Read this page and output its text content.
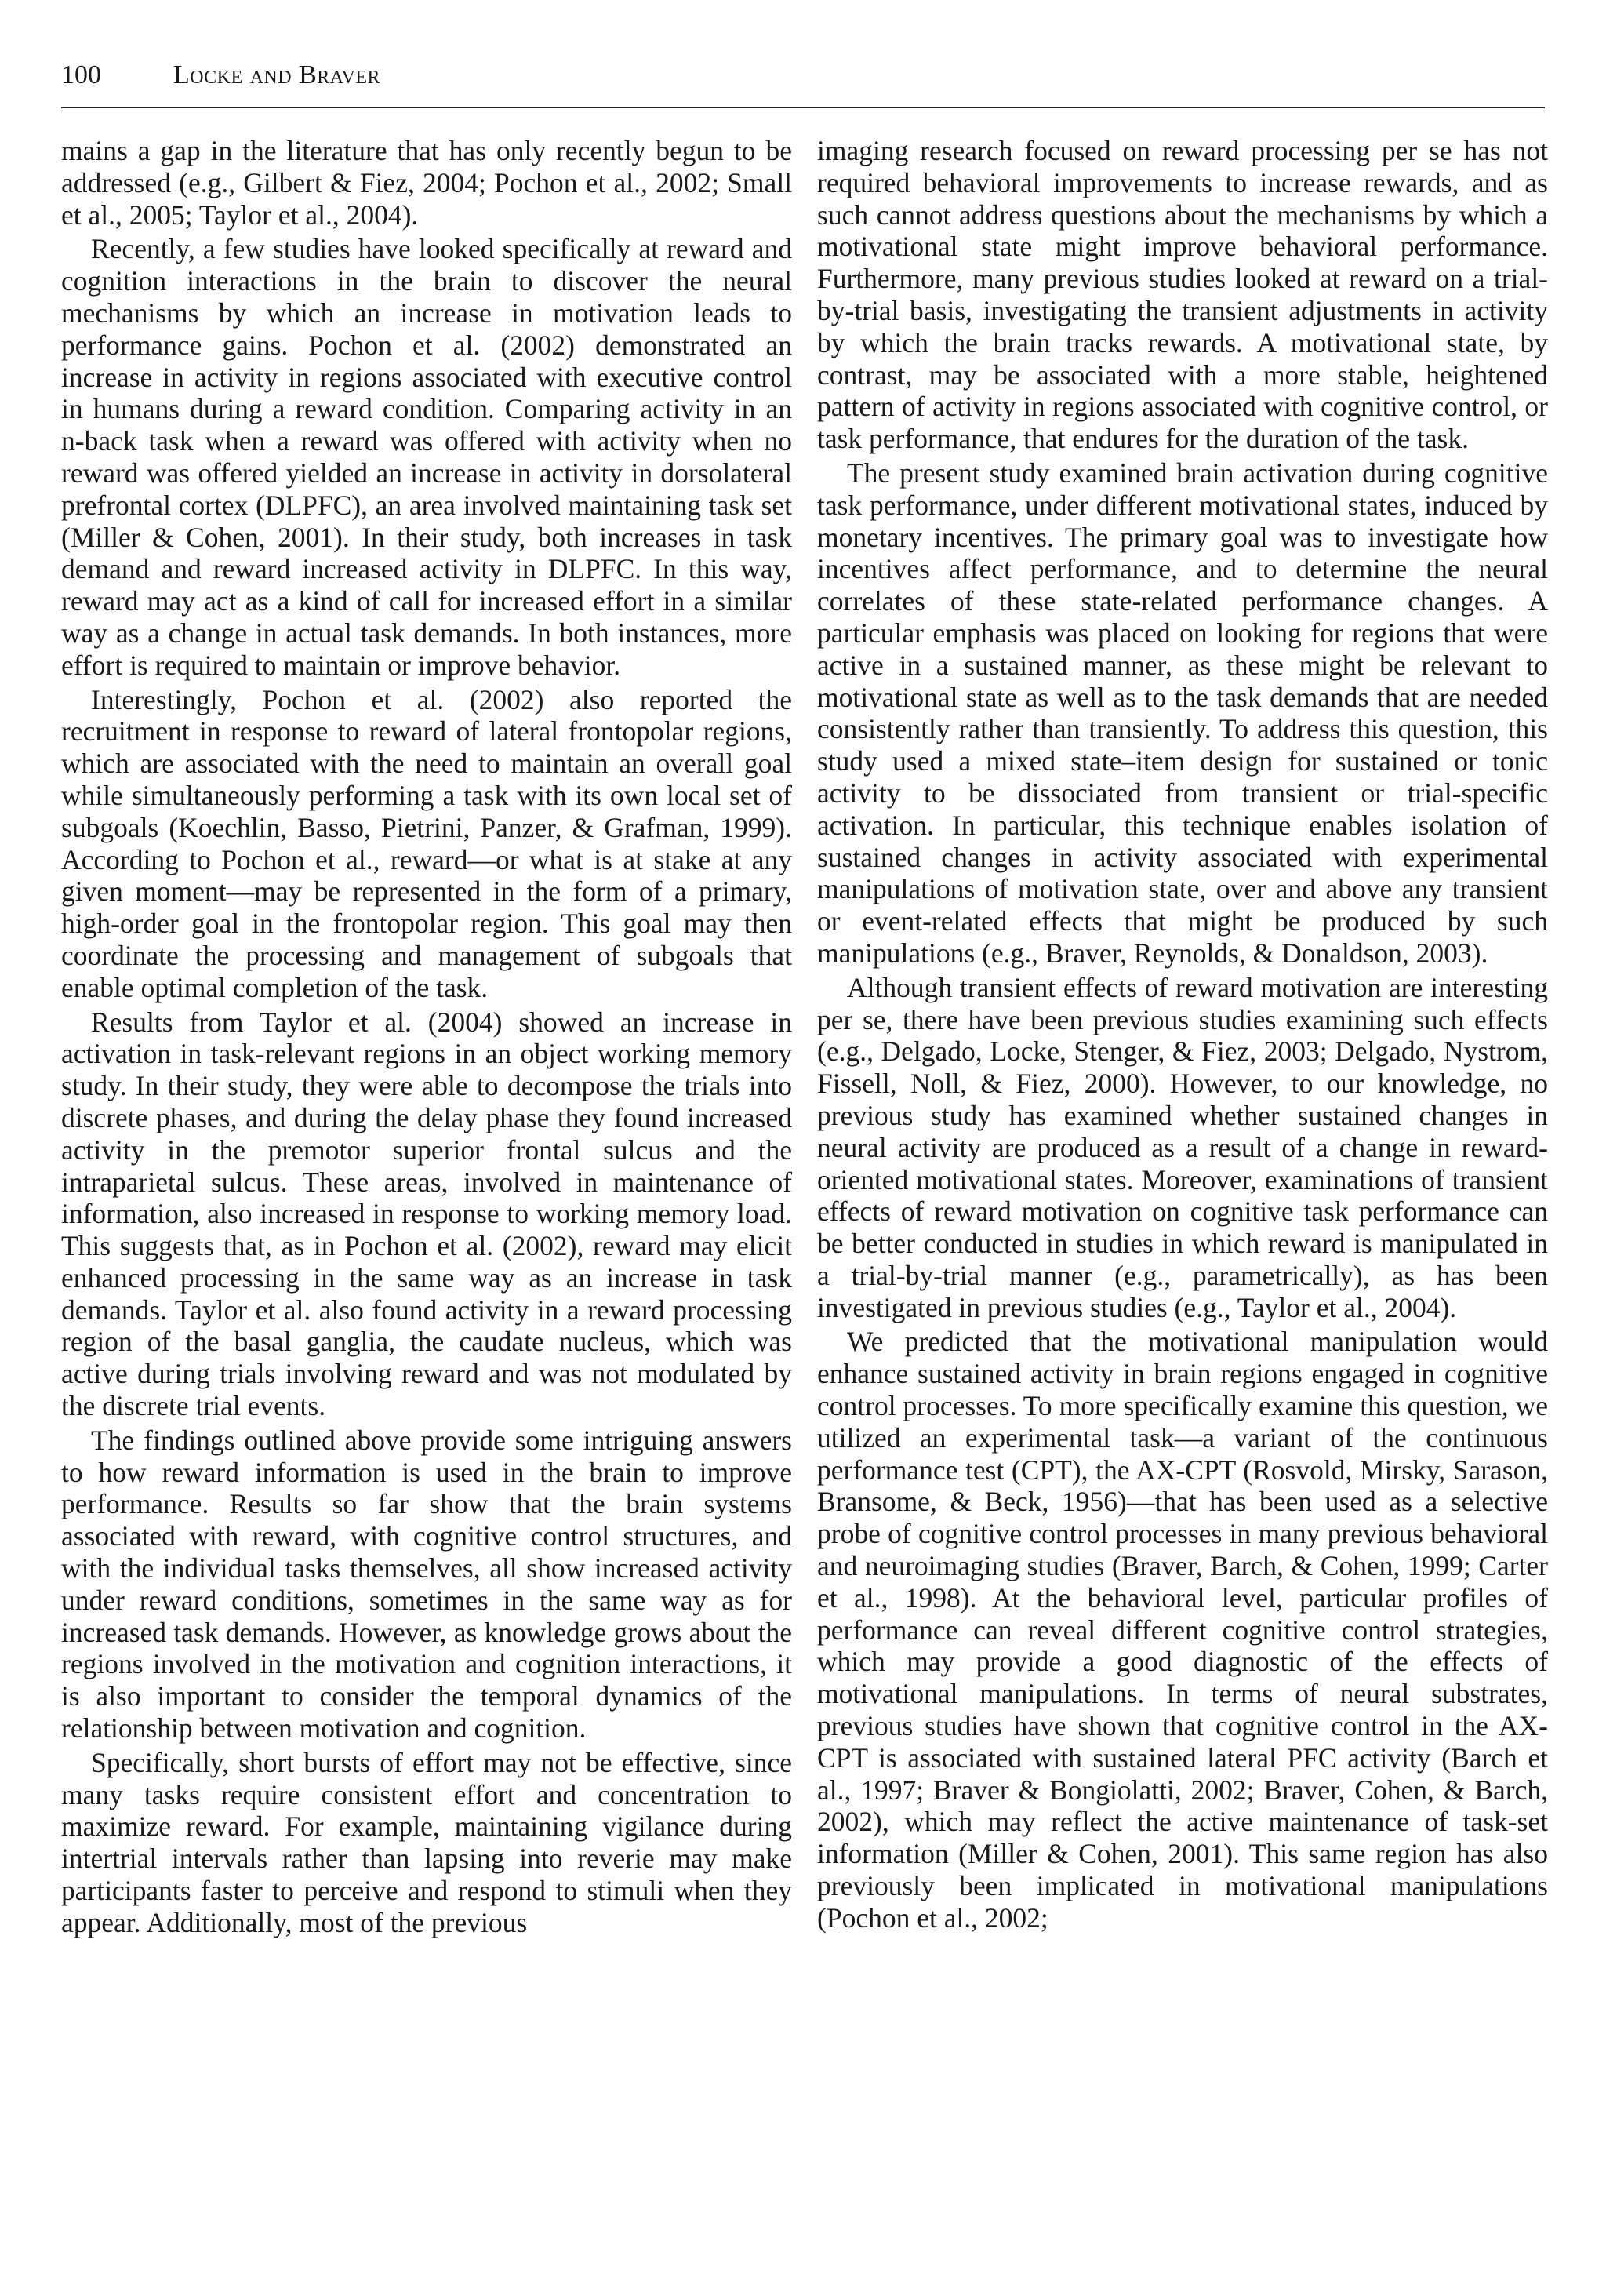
100	Locke and Braver

mains a gap in the literature that has only recently begun to be addressed (e.g., Gilbert & Fiez, 2004; Pochon et al., 2002; Small et al., 2005; Taylor et al., 2004).

Recently, a few studies have looked specifically at reward and cognition interactions in the brain to discover the neural mechanisms by which an increase in motivation leads to performance gains. Pochon et al. (2002) demonstrated an increase in activity in regions associated with executive control in humans during a reward condition. Comparing activity in an n-back task when a reward was offered with activity when no reward was offered yielded an increase in activity in dorsolateral prefrontal cortex (DLPFC), an area involved maintaining task set (Miller & Cohen, 2001). In their study, both increases in task demand and reward increased activity in DLPFC. In this way, reward may act as a kind of call for increased effort in a similar way as a change in actual task demands. In both instances, more effort is required to maintain or improve behavior.

Interestingly, Pochon et al. (2002) also reported the recruitment in response to reward of lateral frontopolar regions, which are associated with the need to maintain an overall goal while simultaneously performing a task with its own local set of subgoals (Koechlin, Basso, Pietrini, Panzer, & Grafman, 1999). According to Pochon et al., reward—or what is at stake at any given moment—may be represented in the form of a primary, high-order goal in the frontopolar region. This goal may then coordinate the processing and management of subgoals that enable optimal completion of the task.

Results from Taylor et al. (2004) showed an increase in activation in task-relevant regions in an object working memory study. In their study, they were able to decompose the trials into discrete phases, and during the delay phase they found increased activity in the premotor superior frontal sulcus and the intraparietal sulcus. These areas, involved in maintenance of information, also increased in response to working memory load. This suggests that, as in Pochon et al. (2002), reward may elicit enhanced processing in the same way as an increase in task demands. Taylor et al. also found activity in a reward processing region of the basal ganglia, the caudate nucleus, which was active during trials involving reward and was not modulated by the discrete trial events.

The findings outlined above provide some intriguing answers to how reward information is used in the brain to improve performance. Results so far show that the brain systems associated with reward, with cognitive control structures, and with the individual tasks themselves, all show increased activity under reward conditions, sometimes in the same way as for increased task demands. However, as knowledge grows about the regions involved in the motivation and cognition interactions, it is also important to consider the temporal dynamics of the relationship between motivation and cognition.

Specifically, short bursts of effort may not be effective, since many tasks require consistent effort and concentration to maximize reward. For example, maintaining vigilance during intertrial intervals rather than lapsing into reverie may make participants faster to perceive and respond to stimuli when they appear. Additionally, most of the previous

imaging research focused on reward processing per se has not required behavioral improvements to increase rewards, and as such cannot address questions about the mechanisms by which a motivational state might improve behavioral performance. Furthermore, many previous studies looked at reward on a trial-by-trial basis, investigating the transient adjustments in activity by which the brain tracks rewards. A motivational state, by contrast, may be associated with a more stable, heightened pattern of activity in regions associated with cognitive control, or task performance, that endures for the duration of the task.

The present study examined brain activation during cognitive task performance, under different motivational states, induced by monetary incentives. The primary goal was to investigate how incentives affect performance, and to determine the neural correlates of these state-related performance changes. A particular emphasis was placed on looking for regions that were active in a sustained manner, as these might be relevant to motivational state as well as to the task demands that are needed consistently rather than transiently. To address this question, this study used a mixed state–item design for sustained or tonic activity to be dissociated from transient or trial-specific activation. In particular, this technique enables isolation of sustained changes in activity associated with experimental manipulations of motivation state, over and above any transient or event-related effects that might be produced by such manipulations (e.g., Braver, Reynolds, & Donaldson, 2003).

Although transient effects of reward motivation are interesting per se, there have been previous studies examining such effects (e.g., Delgado, Locke, Stenger, & Fiez, 2003; Delgado, Nystrom, Fissell, Noll, & Fiez, 2000). However, to our knowledge, no previous study has examined whether sustained changes in neural activity are produced as a result of a change in reward-oriented motivational states. Moreover, examinations of transient effects of reward motivation on cognitive task performance can be better conducted in studies in which reward is manipulated in a trial-by-trial manner (e.g., parametrically), as has been investigated in previous studies (e.g., Taylor et al., 2004).

We predicted that the motivational manipulation would enhance sustained activity in brain regions engaged in cognitive control processes. To more specifically examine this question, we utilized an experimental task—a variant of the continuous performance test (CPT), the AX-CPT (Rosvold, Mirsky, Sarason, Bransome, & Beck, 1956)—that has been used as a selective probe of cognitive control processes in many previous behavioral and neuroimaging studies (Braver, Barch, & Cohen, 1999; Carter et al., 1998). At the behavioral level, particular profiles of performance can reveal different cognitive control strategies, which may provide a good diagnostic of the effects of motivational manipulations. In terms of neural substrates, previous studies have shown that cognitive control in the AX-CPT is associated with sustained lateral PFC activity (Barch et al., 1997; Braver & Bongiolatti, 2002; Braver, Cohen, & Barch, 2002), which may reflect the active maintenance of task-set information (Miller & Cohen, 2001). This same region has also previously been implicated in motivational manipulations (Pochon et al., 2002;
